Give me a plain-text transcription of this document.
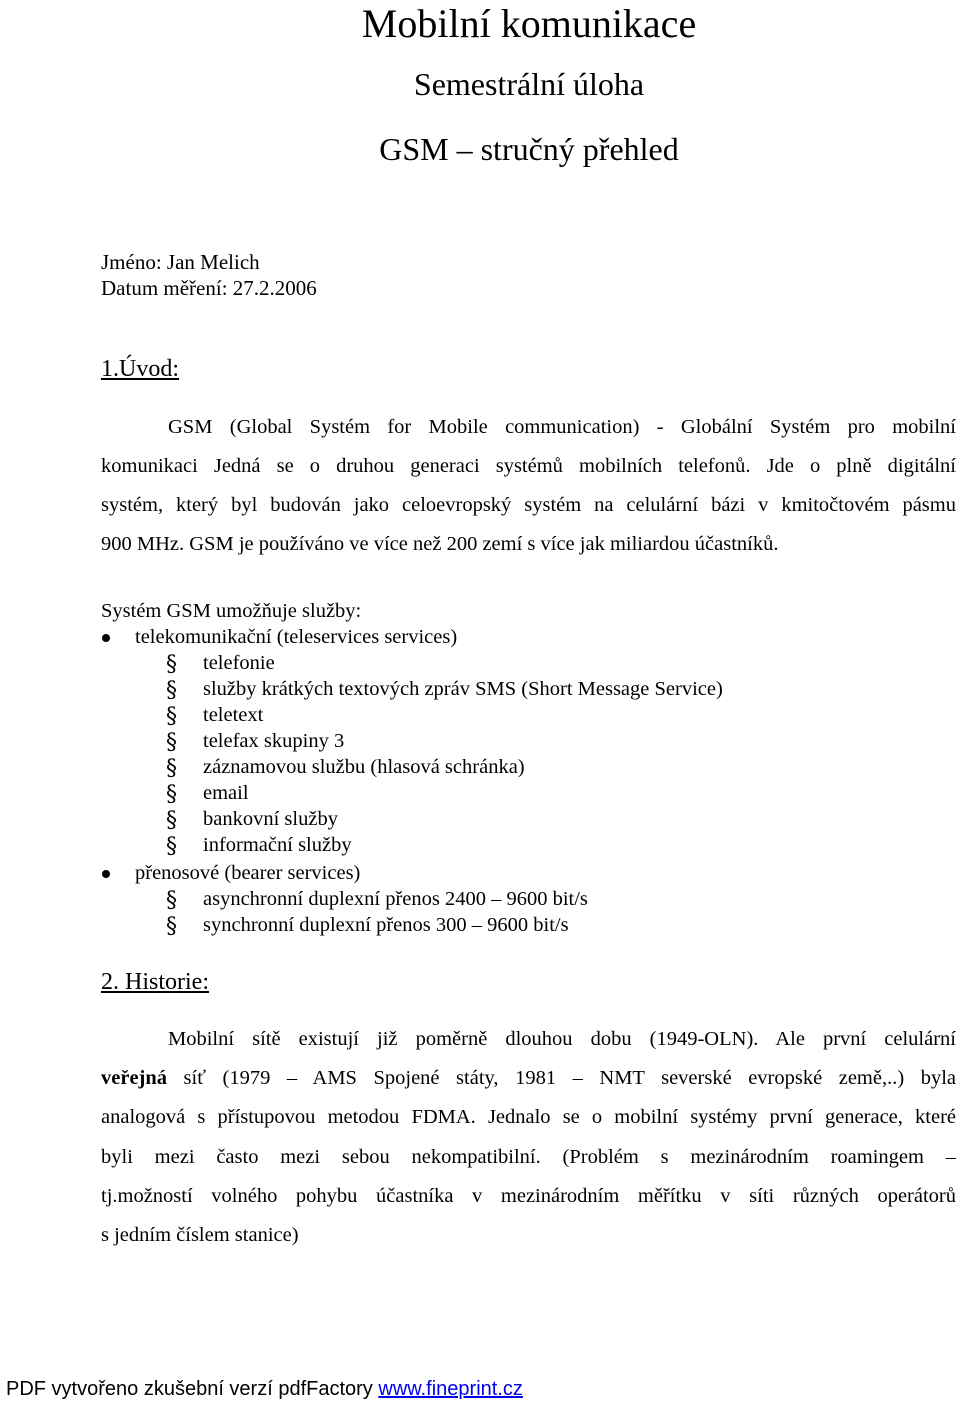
Mobilní komunikace
Semestrální úloha
GSM – stručný přehled
Jméno: Jan Melich
Datum měření: 27.2.2006
1.Úvod:
GSM (Global Systém for Mobile communication) - Globální Systém pro mobilní
komunikaci Jedná se o druhou generaci systémů mobilních telefonů. Jde o plně digitální
systém, který byl budován jako celoevropský systém na celulární bázi v kmitočtovém pásmu
900 MHz. GSM je používáno ve více než 200 zemí s více jak miliardou účastníků.
Systém GSM umožňuje služby:
telekomunikační (teleservices services)
§ telefonie
§ služby krátkých textových zpráv SMS (Short Message Service)
§ teletext
§ telefax skupiny 3
§ záznamovou službu (hlasová schránka)
§ email
§ bankovní služby
§ informační služby
přenosové (bearer services)
§ asynchronní duplexní přenos 2400 – 9600 bit/s
§ synchronní duplexní přenos 300 – 9600 bit/s
2. Historie:
Mobilní sítě existují již poměrně dlouhou dobu (1949-OLN). Ale první celulární
veřejná síť (1979 – AMS Spojené státy, 1981 – NMT severské evropské země,..) byla
analogová s přístupovou metodou FDMA. Jednalo se o mobilní systémy první generace, které
byli mezi často mezi sebou nekompatibilní. (Problém s mezinárodním roamingem –
tj.možností volného pohybu účastníka v mezinárodním měřítku v síti různých operátorů
s jedním číslem stanice)
PDF vytvořeno zkušební verzí pdfFactory www.fineprint.cz
